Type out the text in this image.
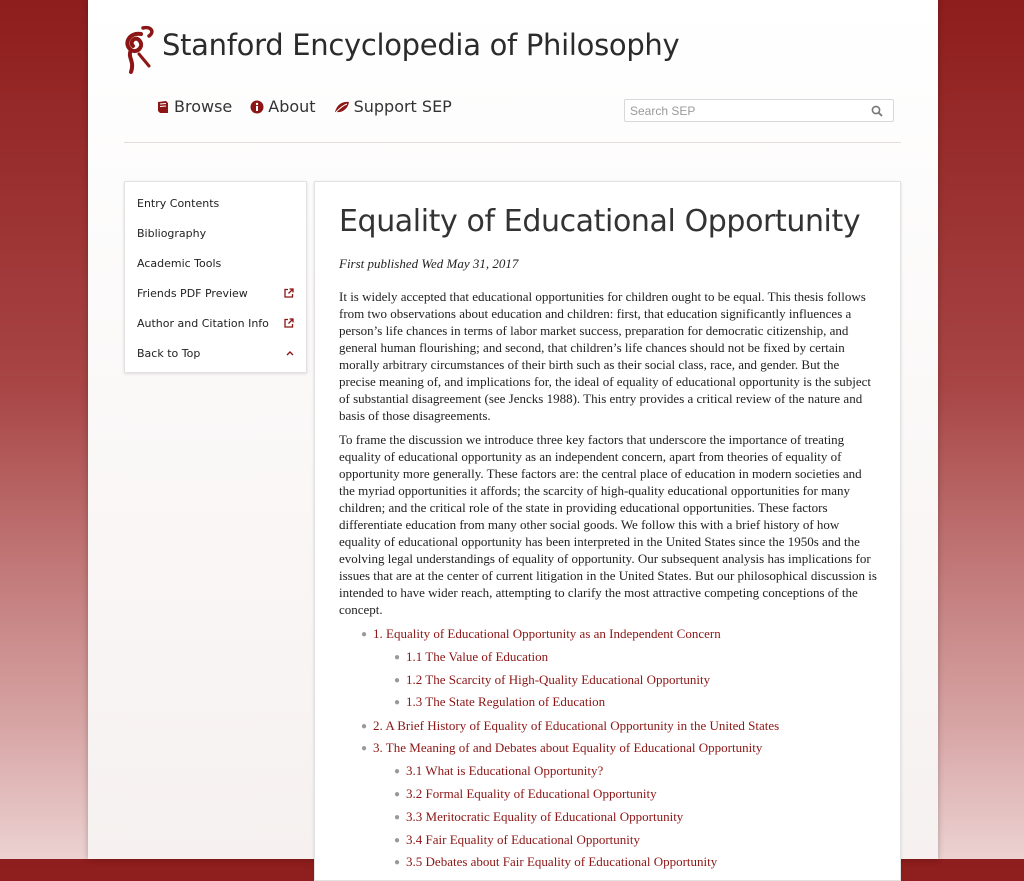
Stanford Encyclopedia of Philosophy
Browse About Support SEP
Search SEP
Entry Contents
Bibliography
Academic Tools
Friends PDF Preview
Author and Citation Info
Back to Top
Equality of Educational Opportunity
First published Wed May 31, 2017

It is widely accepted that educational opportunities for children ought to be equal. This thesis follows from two observations about education and children: first, that education significantly influences a person’s life chances in terms of labor market success, preparation for democratic citizenship, and general human flourishing; and second, that children’s life chances should not be fixed by certain morally arbitrary circumstances of their birth such as their social class, race, and gender. But the precise meaning of, and implications for, the ideal of equality of educational opportunity is the subject of substantial disagreement (see Jencks 1988). This entry provides a critical review of the nature and basis of those disagreements.

To frame the discussion we introduce three key factors that underscore the importance of treating equality of educational opportunity as an independent concern, apart from theories of equality of opportunity more generally. These factors are: the central place of education in modern societies and the myriad opportunities it affords; the scarcity of high-quality educational opportunities for many children; and the critical role of the state in providing educational opportunities. These factors differentiate education from many other social goods. We follow this with a brief history of how equality of educational opportunity has been interpreted in the United States since the 1950s and the evolving legal understandings of equality of opportunity. Our subsequent analysis has implications for issues that are at the center of current litigation in the United States. But our philosophical discussion is intended to have wider reach, attempting to clarify the most attractive competing conceptions of the concept.

● 1. Equality of Educational Opportunity as an Independent Concern
● 1.1 The Value of Education
● 1.2 The Scarcity of High-Quality Educational Opportunity
● 1.3 The State Regulation of Education
● 2. A Brief History of Equality of Educational Opportunity in the United States
● 3. The Meaning of and Debates about Equality of Educational Opportunity
● 3.1 What is Educational Opportunity?
● 3.2 Formal Equality of Educational Opportunity
● 3.3 Meritocratic Equality of Educational Opportunity
● 3.4 Fair Equality of Educational Opportunity
● 3.5 Debates about Fair Equality of Educational Opportunity
